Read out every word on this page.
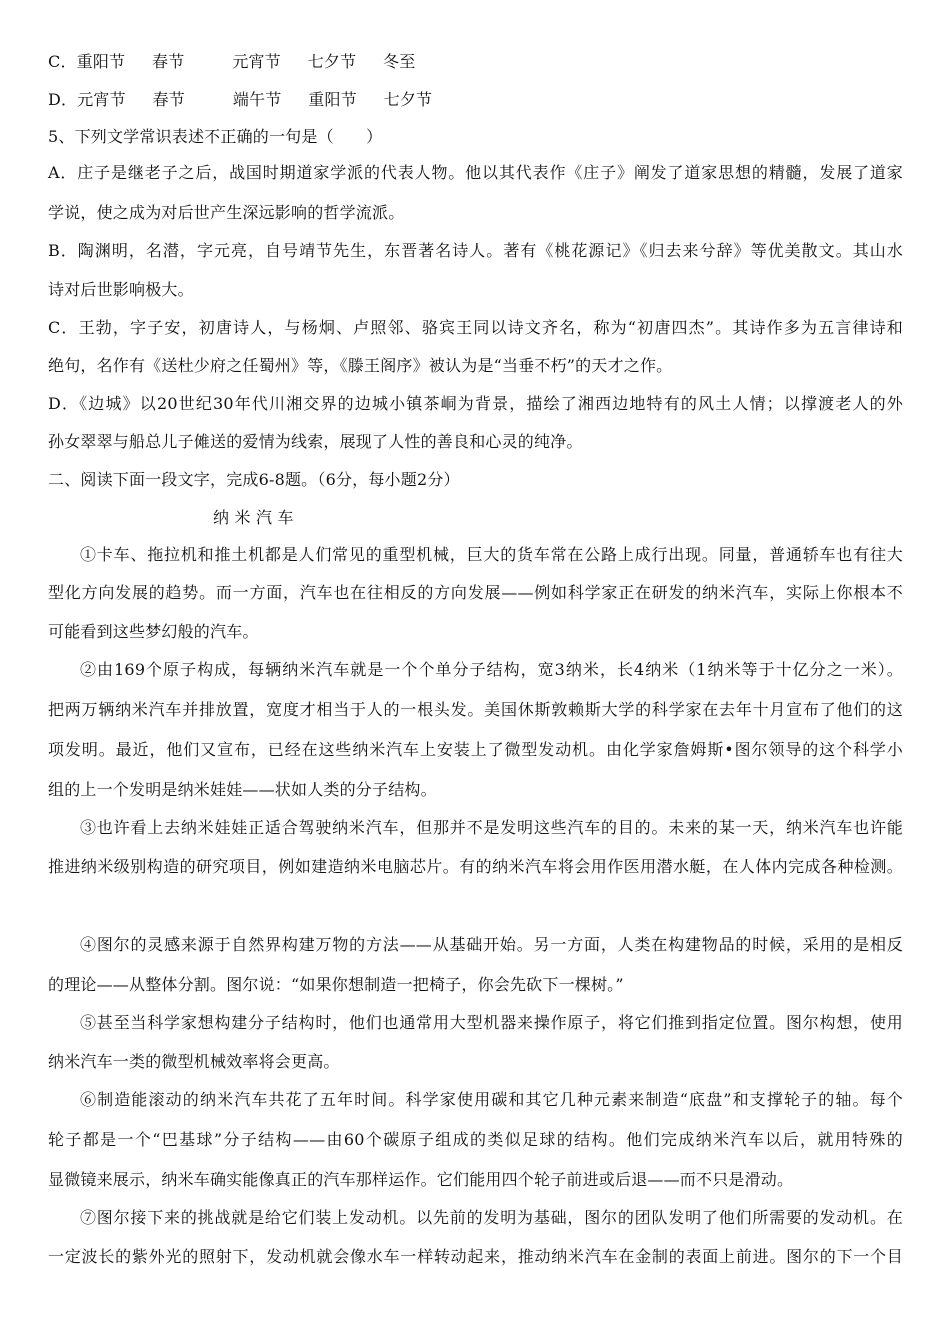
C．重阳节　  春节　      元宵节　  七夕节　  冬至
D．元宵节　  春节　      端午节　  重阳节　  七夕节
5、下列文学常识表述不正确的一句是（　　）
A．庄子是继老子之后，战国时期道家学派的代表人物。他以其代表作《庄子》阐发了道家思想的精髓，发展了道家
学说，使之成为对后世产生深远影响的哲学流派。
B．陶渊明，名潜，字元亮，自号靖节先生，东晋著名诗人。著有《桃花源记》《归去来兮辞》等优美散文。其山水
诗对后世影响极大。
C．王勃，字子安，初唐诗人，与杨炯、卢照邻、骆宾王同以诗文齐名，称为“初唐四杰”。其诗作多为五言律诗和
绝句，名作有《送杜少府之任蜀州》等，《滕王阁序》被认为是“当垂不朽”的天才之作。
D．《边城》以20世纪30年代川湘交界的边城小镇茶峒为背景，描绘了湘西边地特有的风土人情；以撑渡老人的外
孙女翠翠与船总儿子傩送的爱情为线索，展现了人性的善良和心灵的纯净。
二、阅读下面一段文字，完成6-8题。（6分，每小题2分）
纳 米 汽 车
①卡车、拖拉机和推土机都是人们常见的重型机械，巨大的货车常在公路上成行出现。同量，普通轿车也有往大
型化方向发展的趋势。而一方面，汽车也在往相反的方向发展——例如科学家正在研发的纳米汽车，实际上你根本不
可能看到这些梦幻般的汽车。
②由169个原子构成，每辆纳米汽车就是一个个单分子结构，宽3纳米，长4纳米（1纳米等于十亿分之一米）。
把两万辆纳米汽车并排放置，宽度才相当于人的一根头发。美国休斯敦赖斯大学的科学家在去年十月宣布了他们的这
项发明。最近，他们又宣布，已经在这些纳米汽车上安装上了微型发动机。由化学家詹姆斯•图尔领导的这个科学小
组的上一个发明是纳米娃娃——状如人类的分子结构。
③也许看上去纳米娃娃正适合驾驶纳米汽车，但那并不是发明这些汽车的目的。未来的某一天，纳米汽车也许能
推进纳米级别构造的研究项目，例如建造纳米电脑芯片。有的纳米汽车将会用作医用潜水艇，在人体内完成各种检测。
④图尔的灵感来源于自然界构建万物的方法——从基础开始。另一方面，人类在构建物品的时候，采用的是相反
的理论——从整体分割。图尔说：“如果你想制造一把椅子，你会先砍下一棵树。”
⑤甚至当科学家想构建分子结构时，他们也通常用大型机器来操作原子，将它们推到指定位置。图尔构想，使用
纳米汽车一类的微型机械效率将会更高。
⑥制造能滚动的纳米汽车共花了五年时间。科学家使用碳和其它几种元素来制造“底盘”和支撑轮子的轴。每个
轮子都是一个“巴基球”分子结构——由60个碳原子组成的类似足球的结构。他们完成纳米汽车以后，就用特殊的
显微镜来展示，纳米车确实能像真正的汽车那样运作。它们能用四个轮子前进或后退——而不只是滑动。
⑦图尔接下来的挑战就是给它们装上发动机。以先前的发明为基础，图尔的团队发明了他们所需要的发动机。在
一定波长的紫外光的照射下，发动机就会像水车一样转动起来，推动纳米汽车在金制的表面上前进。图尔的下一个目
